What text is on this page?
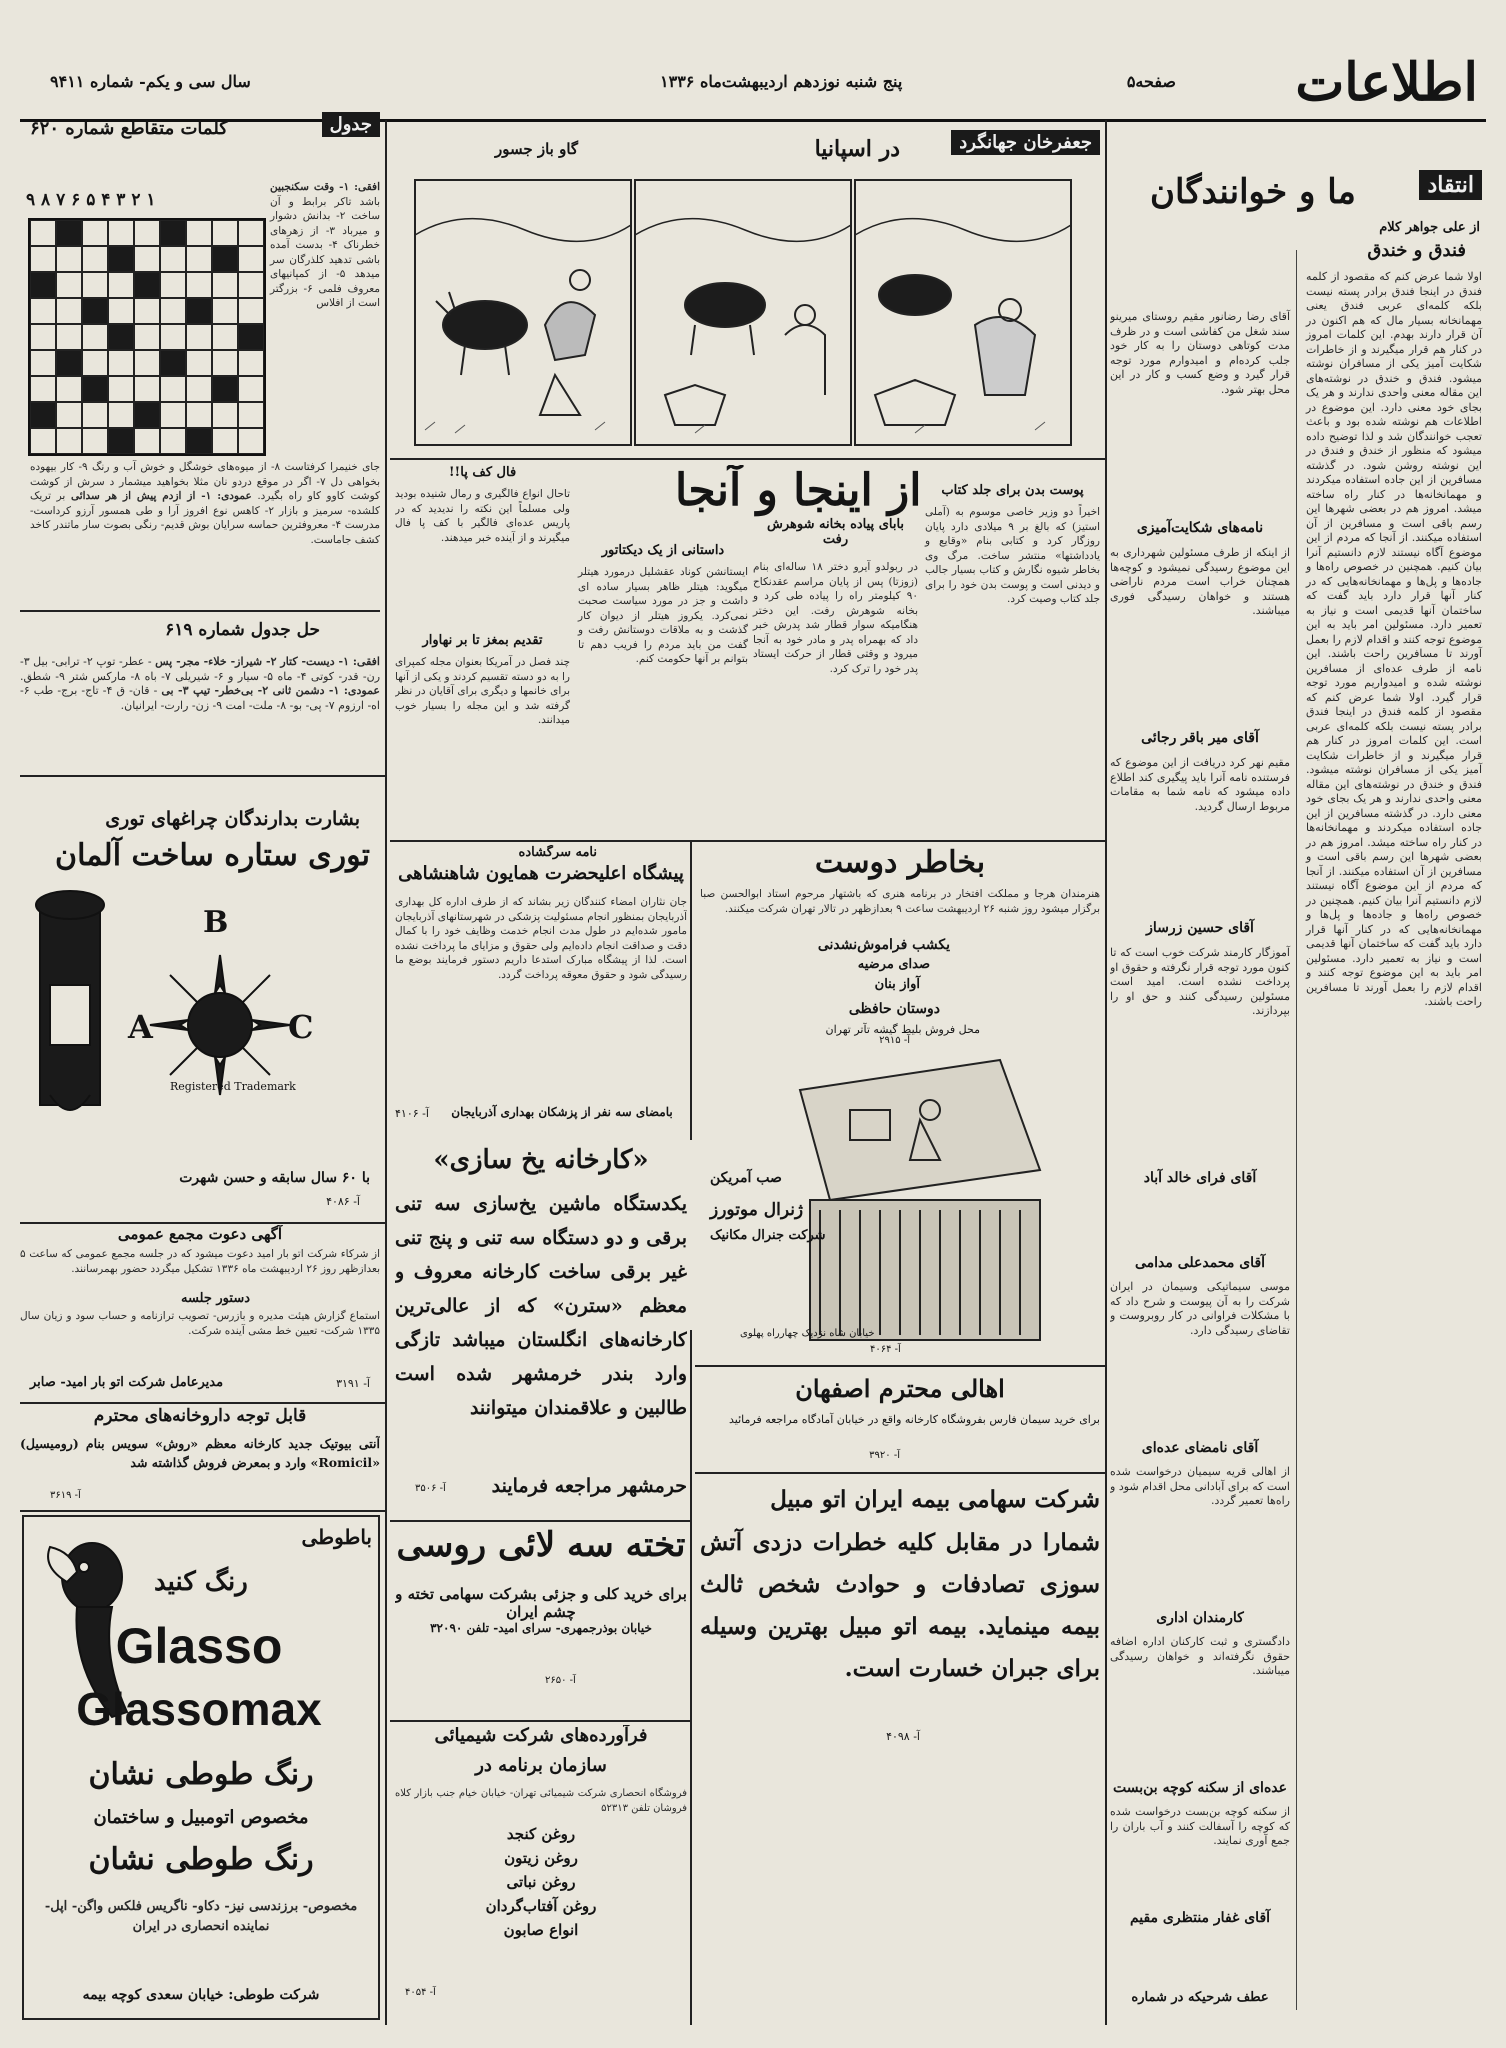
اطلاعات
صفحه۵
پنج شنبه نوزدهم اردیبهشت‌ماه ۱۳۳۶
سال سی و یکم- شماره ۹۴۱۱
انتقاد
ما و خوانندگان
از علی جواهر کلام
فندق و خندق
اولا شما عرض کنم که مقصود از کلمه فندق در اینجا فندق برادر پسته نیست بلکه کلمه‌ای عربی فندق یعنی مهمانخانه بسیار مال که هم اکنون در آن قرار دارند بهدم. این کلمات امروز در کنار هم قرار میگیرند و از خاطرات شکایت آمیز یکی از مسافران نوشته میشود. فندق و خندق در نوشته‌های این مقاله معنی واحدی ندارند و هر یک بجای خود معنی دارد. این موضوع در اطلاعات هم نوشته شده بود و باعث تعجب خوانندگان شد و لذا توضیح داده میشود که منظور از خندق و فندق در این نوشته روشن شود. در گذشته مسافرین از این جاده استفاده میکردند و مهمانخانه‌ها در کنار راه ساخته میشد. امروز هم در بعضی شهرها این رسم باقی است و مسافرین از آن استفاده میکنند. از آنجا که مردم از این موضوع آگاه نیستند لازم دانستیم آنرا بیان کنیم. همچنین در خصوص راه‌ها و جاده‌ها و پل‌ها و مهمانخانه‌هایی که در کنار آنها قرار دارد باید گفت که ساختمان آنها قدیمی است و نیاز به تعمیر دارد. مسئولین امر باید به این موضوع توجه کنند و اقدام لازم را بعمل آورند تا مسافرین راحت باشند. این نامه از طرف عده‌ای از مسافرین نوشته شده و امیدواریم مورد توجه قرار گیرد. اولا شما عرض کنم که مقصود از کلمه فندق در اینجا فندق برادر پسته نیست بلکه کلمه‌ای عربی است. این کلمات امروز در کنار هم قرار میگیرند و از خاطرات شکایت آمیز یکی از مسافران نوشته میشود. فندق و خندق در نوشته‌های این مقاله معنی واحدی ندارند و هر یک بجای خود معنی دارد. در گذشته مسافرین از این جاده استفاده میکردند و مهمانخانه‌ها در کنار راه ساخته میشد. امروز هم در بعضی شهرها این رسم باقی است و مسافرین از آن استفاده میکنند. از آنجا که مردم از این موضوع آگاه نیستند لازم دانستیم آنرا بیان کنیم. همچنین در خصوص راه‌ها و جاده‌ها و پل‌ها و مهمانخانه‌هایی که در کنار آنها قرار دارد باید گفت که ساختمان آنها قدیمی است و نیاز به تعمیر دارد. مسئولین امر باید به این موضوع توجه کنند و اقدام لازم را بعمل آورند تا مسافرین راحت باشند.
نامه‌های شکایت‌آمیزی
آقای میر باقر رجائی
آقای حسین زرساز
آقای فرای خالد آباد
آقای محمدعلی مدامی
آقای نامضای عده‌ای
کارمندان اداری
عده‌ای از سکنه کوچه بن‌بست
آقای غفار منتظری مقیم
عطف شرحیکه در شماره
آقای رضا رضانور مقیم روستای میرینو سند شغل من کفاشی است و در ظرف مدت کوتاهی دوستان را به کار خود جلب کرده‌ام و امیدوارم مورد توجه قرار گیرد و وضع کسب و کار در این محل بهتر شود.
از اینکه از طرف مسئولین شهرداری به این موضوع رسیدگی نمیشود و کوچه‌ها همچنان خراب است مردم ناراضی هستند و خواهان رسیدگی فوری میباشند.
مقیم نهر کرد دریافت از این موضوع که فرستنده نامه آنرا باید پیگیری کند اطلاع داده میشود که نامه شما به مقامات مربوط ارسال گردید.
آموزگار کارمند شرکت خوب است که تا کنون مورد توجه قرار نگرفته و حقوق او پرداخت نشده است. امید است مسئولین رسیدگی کنند و حق او را بپردازند.
موسی سیماتیکی وسیمان در ایران شرکت را به آن پیوست و شرح داد که با مشکلات فراوانی در کار روبروست و تقاضای رسیدگی دارد.
از اهالی قریه سیمیان درخواست شده است که برای آبادانی محل اقدام شود و راه‌ها تعمیر گردد.
دادگستری و ثبت کارکنان اداره اضافه حقوق نگرفته‌اند و خواهان رسیدگی میباشند.
از سکنه کوچه بن‌بست درخواست شده که کوچه را آسفالت کنند و آب باران را جمع آوری نمایند.
جعفرخان جهانگرد
در اسپانیا
گاو باز جسور
جدول
کلمات متقاطع شماره ۶۲۰
۹ ۸ ۷ ۶ ۵ ۴ ۳ ۲ ۱
افقی: ۱- وقت سکنجبین باشد تاکر برابط و آن ساخت ۲- بدانش دشوار و میرباد ۳- از زهرهای خطرناک ۴- بدست آمده باشی تدهید کلذرگان سر میدهد ۵- از کمپانیهای معروف فلمی ۶- بزرگتر است از افلاس
جای خنیمرا کرفتاست ۸- از میوه‌های خوشگل و خوش آب و رنگ ۹- کار بیهوده بخواهی دل ۷- اگر در موقع دردو نان مثلا بخواهید میشمار د سرش از کوشت کوشت کاوو کاو راه بگیرد. عمودی: ۱- از ازدم پیش از هر سدائی بر تریک کلشده- سرمیز و بازار ۲- کاهس نوع افروز آرا و طی همسور آرزو کرداست- مدرست ۴- معروفترین حماسه سرایان بوش قدیم- رنگی بصوت سار ماتندر کاخد کشف جاماست.
حل جدول شماره ۶۱۹
افقی: ۱- دیست- کتار ۲- شیراز- خلاء- مجر- پس - عطر- توپ ۲- ترابی- بیل ۳- رن- قدر- کوتی ۴- ماه ۵- سیار و ۶- شیریلی ۷- باه ۸- مارکس شتر ۹- شطق. عمودی: ۱- دشمن ثانی ۲- بی‌خطر- تیپ ۳- بی - قان- ق ۴- تاج- برج- طب ۶- اه- ارزوم ۷- پی- بو- ۸- ملت- امت ۹- زن- رارت- ایرانیان.
از اینجا و آنجا	پوست بدن برای جلد کتاب
اخیراً دو وزیر خاصی موسوم به (آملی استیز) که بالغ بر ۹ میلادی دارد پایان روزگار کرد و کتابی بنام «وقایع و یادداشتها» منتشر ساخت. مرگ وی بخاطر شیوه نگارش و کتاب بسیار جالب و دیدنی است و پوست بدن خود را برای جلد کتاب وصیت کرد.
بابای پیاده بخانه شوهرش رفت
در ربولدو آیرو دختر ۱۸ ساله‌ای بنام (زوزتا) پس از پایان مراسم عقدنکاح ۹۰ کیلومتر راه را پیاده طی کرد و بخانه شوهرش رفت. این دختر هنگامیکه سوار قطار شد پدرش خبر داد که بهمراه پدر و مادر خود به آنجا میرود و وقتی قطار از حرکت ایستاد پدر خود را ترک کرد.
داستانی از یک دیکتاتور
ایستانشن کوناد عقشلیل درمورد هیتلر میگوید: هیتلر ظاهر بسیار ساده ای داشت و جز در مورد سیاست صحبت نمی‌کرد. یکروز هیتلر از دیوان کار گذشت و به ملاقات دوستانش رفت و گفت من باید مردم را فریب دهم تا بتوانم بر آنها حکومت کنم.
فال کف پا!!
تاحال انواع فالگیری و رمال شنیده بودید ولی مسلماً این نکته را ندیدید که در پاریس عده‌ای فالگیر با کف پا فال میگیرند و از آینده خبر میدهند.
تقدیم بمغز تا بر نهاوار
چند فصل در آمریکا بعنوان مجله کمپرای را به دو دسته تقسیم کردند و یکی از آنها برای خانمها و دیگری برای آقایان در نظر گرفته شد و این مجله را بسیار خوب میدانند.
نامه سرگشاده
پیشگاه اعلیحضرت همایون شاهنشاهی
جان نثاران امضاء کنندگان زیر بشاند که از طرف اداره کل بهداری آذربایجان بمنظور انجام مسئولیت پزشکی در شهرستانهای آذربایجان مامور شده‌ایم در طول مدت انجام خدمت وظایف خود را با کمال دقت و صداقت انجام داده‌ایم ولی حقوق و مزایای ما پرداخت نشده است. لذا از پیشگاه مبارک استدعا داریم دستور فرمایند بوضع ما رسیدگی شود و حقوق معوقه پرداخت گردد.
بامضای سه نفر از پزشکان بهداری آذربایجان
آ- ۴۱۰۶
بخاطر دوست
هنرمندان هرجا و مملکت افتخار در برنامه هنری که باشتهار مرحوم استاد ابوالحسن صبا برگزار میشود روز شنبه ۲۶ اردیبهشت ساعت ۹ بعدازظهر در تالار تهران شرکت میکنند.
یکشب فراموش‌نشدنی
صدای مرضیه
آواز بنان
دوستان حافظی
محل فروش بلیط گیشه تآتر تهران
آ- ۲۹۱۵
بشارت بدارندگان چراغهای توری
توری ستاره ساخت آلمان
B
A	C
Registered Trademark
با ۶۰ سال سابقه و حسن شهرت
آ- ۴۰۸۶
آگهی دعوت مجمع عمومی
از شرکاء شرکت اتو بار امید دعوت میشود که در جلسه مجمع عمومی که ساعت ۵ بعدازظهر روز ۲۶ اردیبهشت ماه ۱۳۳۶ تشکیل میگردد حضور بهمرسانند.
دستور جلسه
استماع گزارش هیئت مدیره و بازرس- تصویب ترازنامه و حساب سود و زیان سال ۱۳۳۵ شرکت- تعیین خط مشی آینده شرکت.
مدیرعامل شرکت اتو بار امید- صابر	آ- ۳۱۹۱
قابل توجه داروخانه‌های محترم
آنتی بیوتیک جدید کارخانه معظم «روش» سویس بنام (رومیسیل) «Romicil» وارد و بمعرض فروش گذاشته شد
آ- ۳۶۱۹
باطوطی
رنگ کنید
Glasso
Glassomax
رنگ طوطی نشان
مخصوص اتومبیل و ساختمان
رنگ طوطی نشان
مخصوص- برزندسی نیز- دکاو- ناگریس فلکس واگن- اپل- نماینده انحصاری در ایران
شرکت طوطی: خیابان سعدی کوچه بیمه
«کارخانه یخ سازی»
یکدستگاه ماشین یخ‌سازی سه تنی برقی و دو دستگاه سه تنی و پنج تنی غیر برقی ساخت کارخانه معروف و معظم «سترن» که از عالی‌ترین کارخانه‌های انگلستان میباشد تازگی وارد بندر خرمشهر شده است طالبین و علاقمندان میتوانند
حرمشهر مراجعه فرمایند
آ- ۳۵۰۶
صب آمریکن
ژنرال موتورز
شرکت جنرال مکانیک
خیابان شاه نزدیک چهارراه پهلوی
آ- ۴۰۶۴
تخته سه لائی روسی
برای خرید کلی و جزئی بشرکت سهامی تخته و چشم ایران
خیابان بوذرجمهری- سرای امید- تلفن ۳۲۰۹۰
آ- ۲۶۵۰
فرآورده‌های شرکت شیمیائی
سازمان برنامه در
فروشگاه انحصاری شرکت شیمیائی تهران- خیابان خیام جنب بازار کلاه فروشان تلفن ۵۲۳۱۳
روغن کنجد
روغن زیتون
روغن نباتی
روغن آفتاب‌گردان
انواع صابون
آ- ۴۰۵۴
اهالی محترم اصفهان
برای خرید سیمان فارس بفروشگاه کارخانه واقع در خیابان آمادگاه مراجعه فرمائید
آ- ۳۹۲۰
شرکت سهامی بیمه ایران اتو مبیل
شمارا در مقابل کلیه خطرات دزدی آتش سوزی تصادفات و حوادث شخص ثالث بیمه مینماید. بیمه اتو مبیل بهترین وسیله برای جبران خسارت است.
آ- ۴۰۹۸
